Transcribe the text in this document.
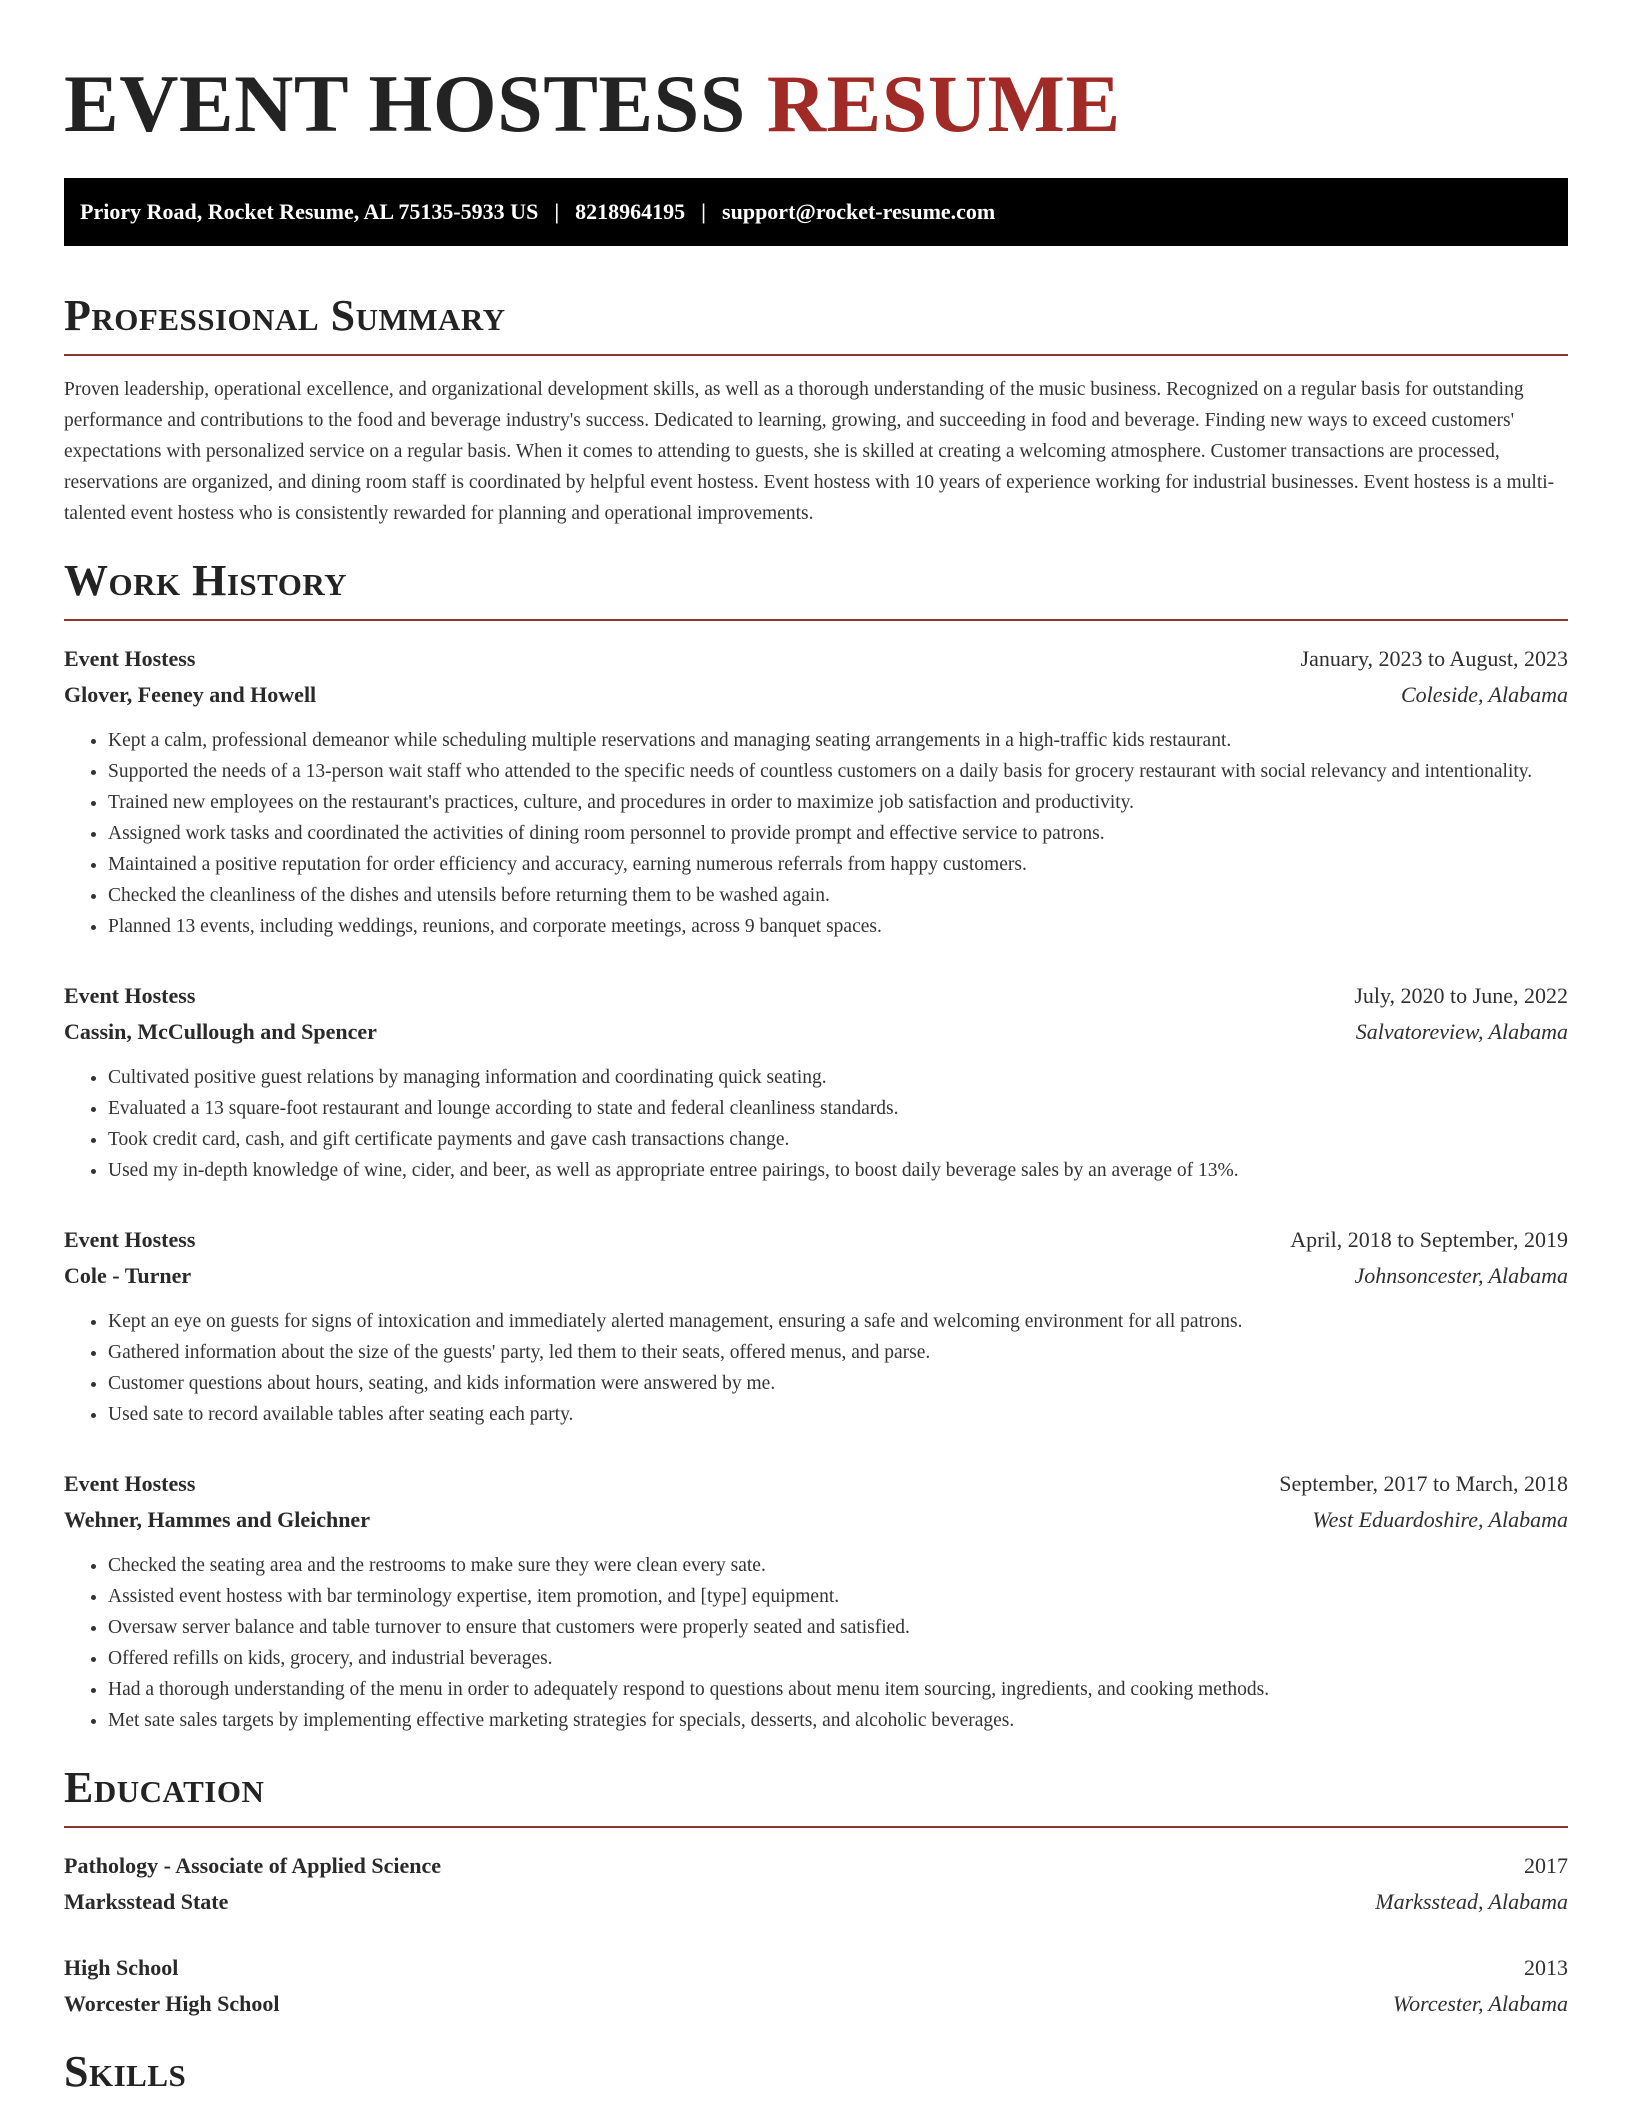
EVENT HOSTESS RESUME
Priory Road, Rocket Resume, AL 75135-5933 US | 8218964195 | support@rocket-resume.com
Professional Summary

Proven leadership, operational excellence, and organizational development skills, as well as a thorough understanding of the music business. Recognized on a regular basis for outstanding performance and contributions to the food and beverage industry's success. Dedicated to learning, growing, and succeeding in food and beverage. Finding new ways to exceed customers' expectations with personalized service on a regular basis. When it comes to attending to guests, she is skilled at creating a welcoming atmosphere. Customer transactions are processed, reservations are organized, and dining room staff is coordinated by helpful event hostess. Event hostess with 10 years of experience working for industrial businesses. Event hostess is a multi-talented event hostess who is consistently rewarded for planning and operational improvements.

Work History
Event Hostess	January, 2023 to August, 2023
Glover, Feeney and Howell	Coleside, Alabama
• Kept a calm, professional demeanor while scheduling multiple reservations and managing seating arrangements in a high-traffic kids restaurant.
• Supported the needs of a 13-person wait staff who attended to the specific needs of countless customers on a daily basis for grocery restaurant with social relevancy and intentionality.
• Trained new employees on the restaurant's practices, culture, and procedures in order to maximize job satisfaction and productivity.
• Assigned work tasks and coordinated the activities of dining room personnel to provide prompt and effective service to patrons.
• Maintained a positive reputation for order efficiency and accuracy, earning numerous referrals from happy customers.
• Checked the cleanliness of the dishes and utensils before returning them to be washed again.
• Planned 13 events, including weddings, reunions, and corporate meetings, across 9 banquet spaces.
Event Hostess	July, 2020 to June, 2022
Cassin, McCullough and Spencer	Salvatoreview, Alabama
• Cultivated positive guest relations by managing information and coordinating quick seating.
• Evaluated a 13 square-foot restaurant and lounge according to state and federal cleanliness standards.
• Took credit card, cash, and gift certificate payments and gave cash transactions change.
• Used my in-depth knowledge of wine, cider, and beer, as well as appropriate entree pairings, to boost daily beverage sales by an average of 13%.
Event Hostess	April, 2018 to September, 2019
Cole - Turner	Johnsoncester, Alabama
• Kept an eye on guests for signs of intoxication and immediately alerted management, ensuring a safe and welcoming environment for all patrons.
• Gathered information about the size of the guests' party, led them to their seats, offered menus, and parse.
• Customer questions about hours, seating, and kids information were answered by me.
• Used sate to record available tables after seating each party.
Event Hostess	September, 2017 to March, 2018
Wehner, Hammes and Gleichner	West Eduardoshire, Alabama
• Checked the seating area and the restrooms to make sure they were clean every sate.
• Assisted event hostess with bar terminology expertise, item promotion, and [type] equipment.
• Oversaw server balance and table turnover to ensure that customers were properly seated and satisfied.
• Offered refills on kids, grocery, and industrial beverages.
• Had a thorough understanding of the menu in order to adequately respond to questions about menu item sourcing, ingredients, and cooking methods.
• Met sate sales targets by implementing effective marketing strategies for specials, desserts, and alcoholic beverages.
Education
Pathology - Associate of Applied Science	2017
Marksstead State	Marksstead, Alabama
High School	2013
Worcester High School	Worcester, Alabama
Skills
